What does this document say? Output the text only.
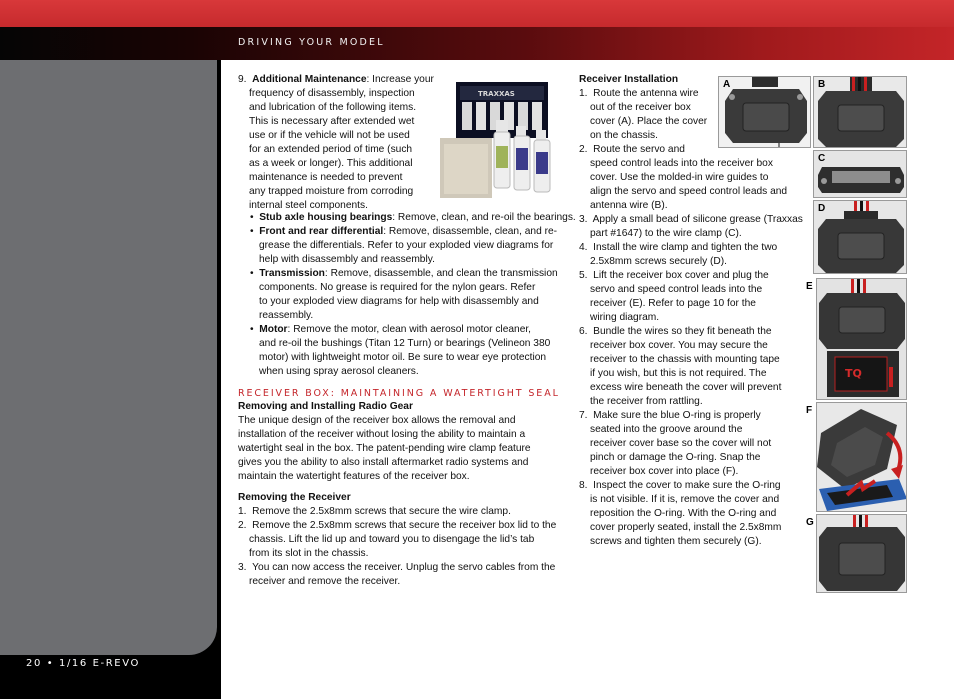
DRIVING YOUR MODEL
20 • 1/16 E-REVO
9. Additional Maintenance: Increase your
frequency of disassembly, inspection
and lubrication of the following items.
This is necessary after extended wet
use or if the vehicle will not be used
for an extended period of time (such
as a week or longer). This additional
maintenance is needed to prevent
any trapped moisture from corroding
internal steel components.
TRAXXAS
•  Stub axle housing bearings: Remove, clean, and re-oil the bearings.
•  Front and rear differential: Remove, disassemble, clean, and re-
grease the differentials. Refer to your exploded view diagrams for
help with disassembly and reassembly.
•  Transmission: Remove, disassemble, and clean the transmission
components. No grease is required for the nylon gears. Refer
to your exploded view diagrams for help with disassembly and
reassembly.
•  Motor: Remove the motor, clean with aerosol motor cleaner,
and re-oil the bushings (Titan 12 Turn) or bearings (Velineon 380
motor) with lightweight motor oil. Be sure to wear eye protection
when using spray aerosol cleaners.
RECEIVER BOX: MAINTAINING A WATERTIGHT SEAL
Removing and Installing Radio Gear
The unique design of the receiver box allows the removal and
installation of the receiver without losing the ability to maintain a
watertight seal in the box. The patent-pending wire clamp feature
gives you the ability to also install aftermarket radio systems and
maintain the watertight features of the receiver box.
Removing the Receiver
1. Remove the 2.5x8mm screws that secure the wire clamp.
2. Remove the 2.5x8mm screws that secure the receiver box lid to the
chassis. Lift the lid up and toward you to disengage the lid’s tab
from its slot in the chassis.
3. You can now access the receiver. Unplug the servo cables from the
receiver and remove the receiver.
Receiver Installation
1. Route the antenna wire
out of the receiver box
cover (A). Place the cover
on the chassis.
2. Route the servo and
speed control leads into the receiver box
cover. Use the molded-in wire guides to
align the servo and speed control leads and
antenna wire (B).
3.  Apply a small bead of silicone grease (Traxxas
part #1647) to the wire clamp (C).
4. Install the wire clamp and tighten the two
2.5x8mm screws securely (D).
5. Lift the receiver box cover and plug the
servo and speed control leads into the
receiver (E). Refer to page 10 for the
wiring diagram.
6. Bundle the wires so they fit beneath the
receiver box cover. You may secure the
receiver to the chassis with mounting tape
if you wish, but this is not required. The
excess wire beneath the cover will prevent
the receiver from rattling.
7. Make sure the blue O-ring is properly
seated into the groove around the
receiver cover base so the cover will not
pinch or damage the O-ring. Snap the
receiver box cover into place (F).
8. Inspect the cover to make sure the O-ring
is not visible. If it is, remove the cover and
reposition the O-ring. With the O-ring and
cover properly seated, install the 2.5x8mm
screws and tighten them securely (G).
A	B
C
D
E
TQ
F
G
